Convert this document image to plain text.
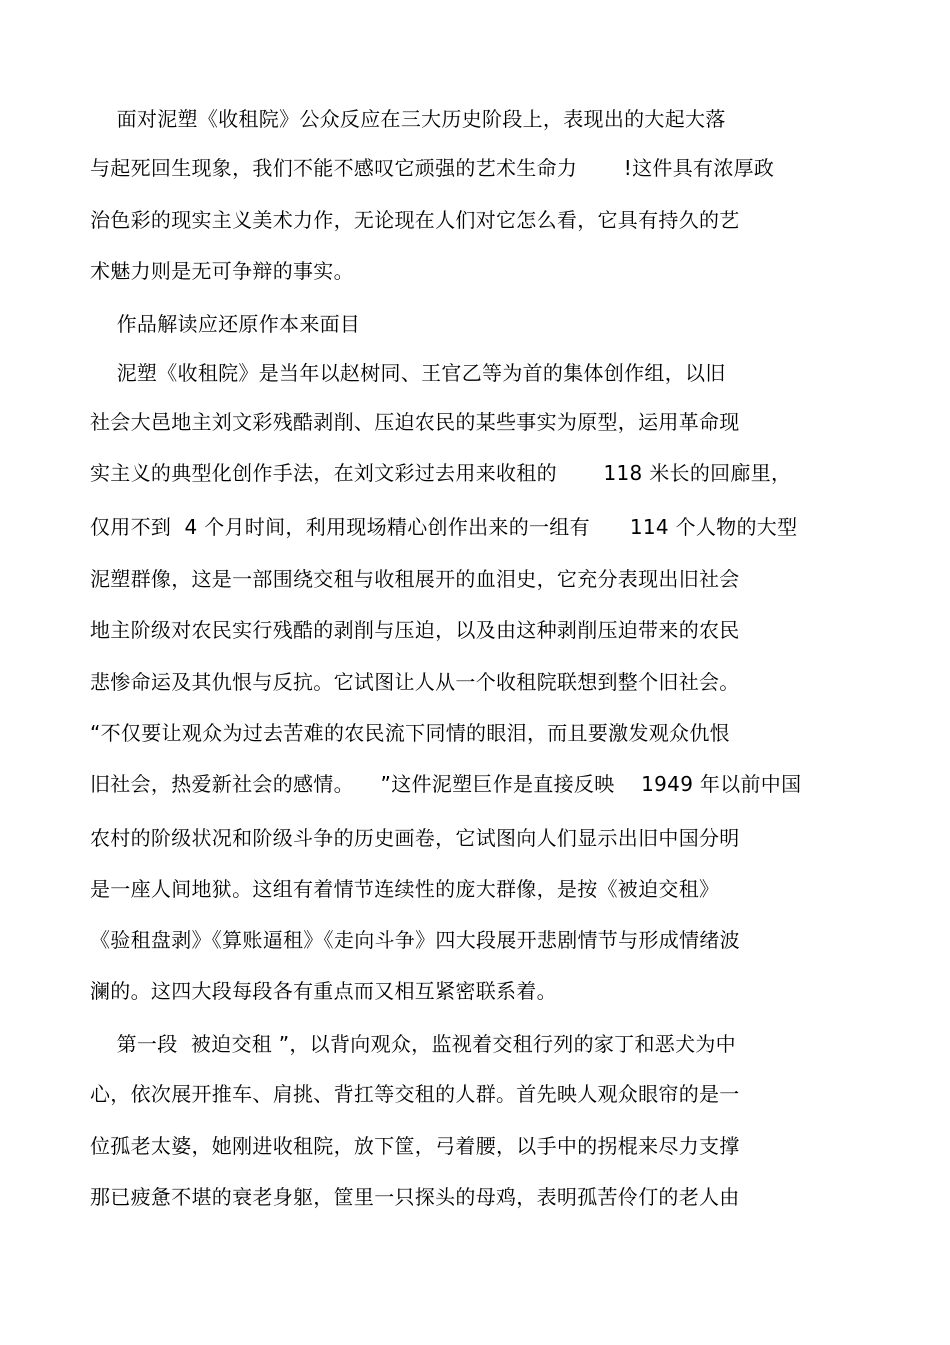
面对泥塑《收租院》公众反应在三大历史阶段上，表现出的大起大落
与起死回生现象，我们不能不感叹它顽强的艺术生命力       !这件具有浓厚政
治色彩的现实主义美术力作，无论现在人们对它怎么看，它具有持久的艺
术魅力则是无可争辩的事实。
作品解读应还原作本来面目
泥塑《收租院》是当年以赵树同、王官乙等为首的集体创作组，以旧
社会大邑地主刘文彩残酷剥削、压迫农民的某些事实为原型，运用革命现
实主义的典型化创作手法，在刘文彩过去用来收租的       118 米长的回廊里，
仅用不到  4 个月时间，利用现场精心创作出来的一组有      114 个人物的大型
泥塑群像，这是一部围绕交租与收租展开的血泪史，它充分表现出旧社会
地主阶级对农民实行残酷的剥削与压迫，以及由这种剥削压迫带来的农民
悲惨命运及其仇恨与反抗。它试图让人从一个收租院联想到整个旧社会。
“不仅要让观众为过去苦难的农民流下同情的眼泪，而且要激发观众仇恨
旧社会，热爱新社会的感情。    ”这件泥塑巨作是直接反映    1949 年以前中国
农村的阶级状况和阶级斗争的历史画卷，它试图向人们显示出旧中国分明
是一座人间地狱。这组有着情节连续性的庞大群像，是按《被迫交租》
《验租盘剥》《算账逼租》《走向斗争》四大段展开悲剧情节与形成情绪波
澜的。这四大段每段各有重点而又相互紧密联系着。
第一段  被迫交租 ”，以背向观众，监视着交租行列的家丁和恶犬为中
心，依次展开推车、肩挑、背扛等交租的人群。首先映人观众眼帘的是一
位孤老太婆，她刚进收租院，放下筐，弓着腰，以手中的拐棍来尽力支撑
那已疲惫不堪的衰老身躯，筐里一只探头的母鸡，表明孤苦伶仃的老人由
